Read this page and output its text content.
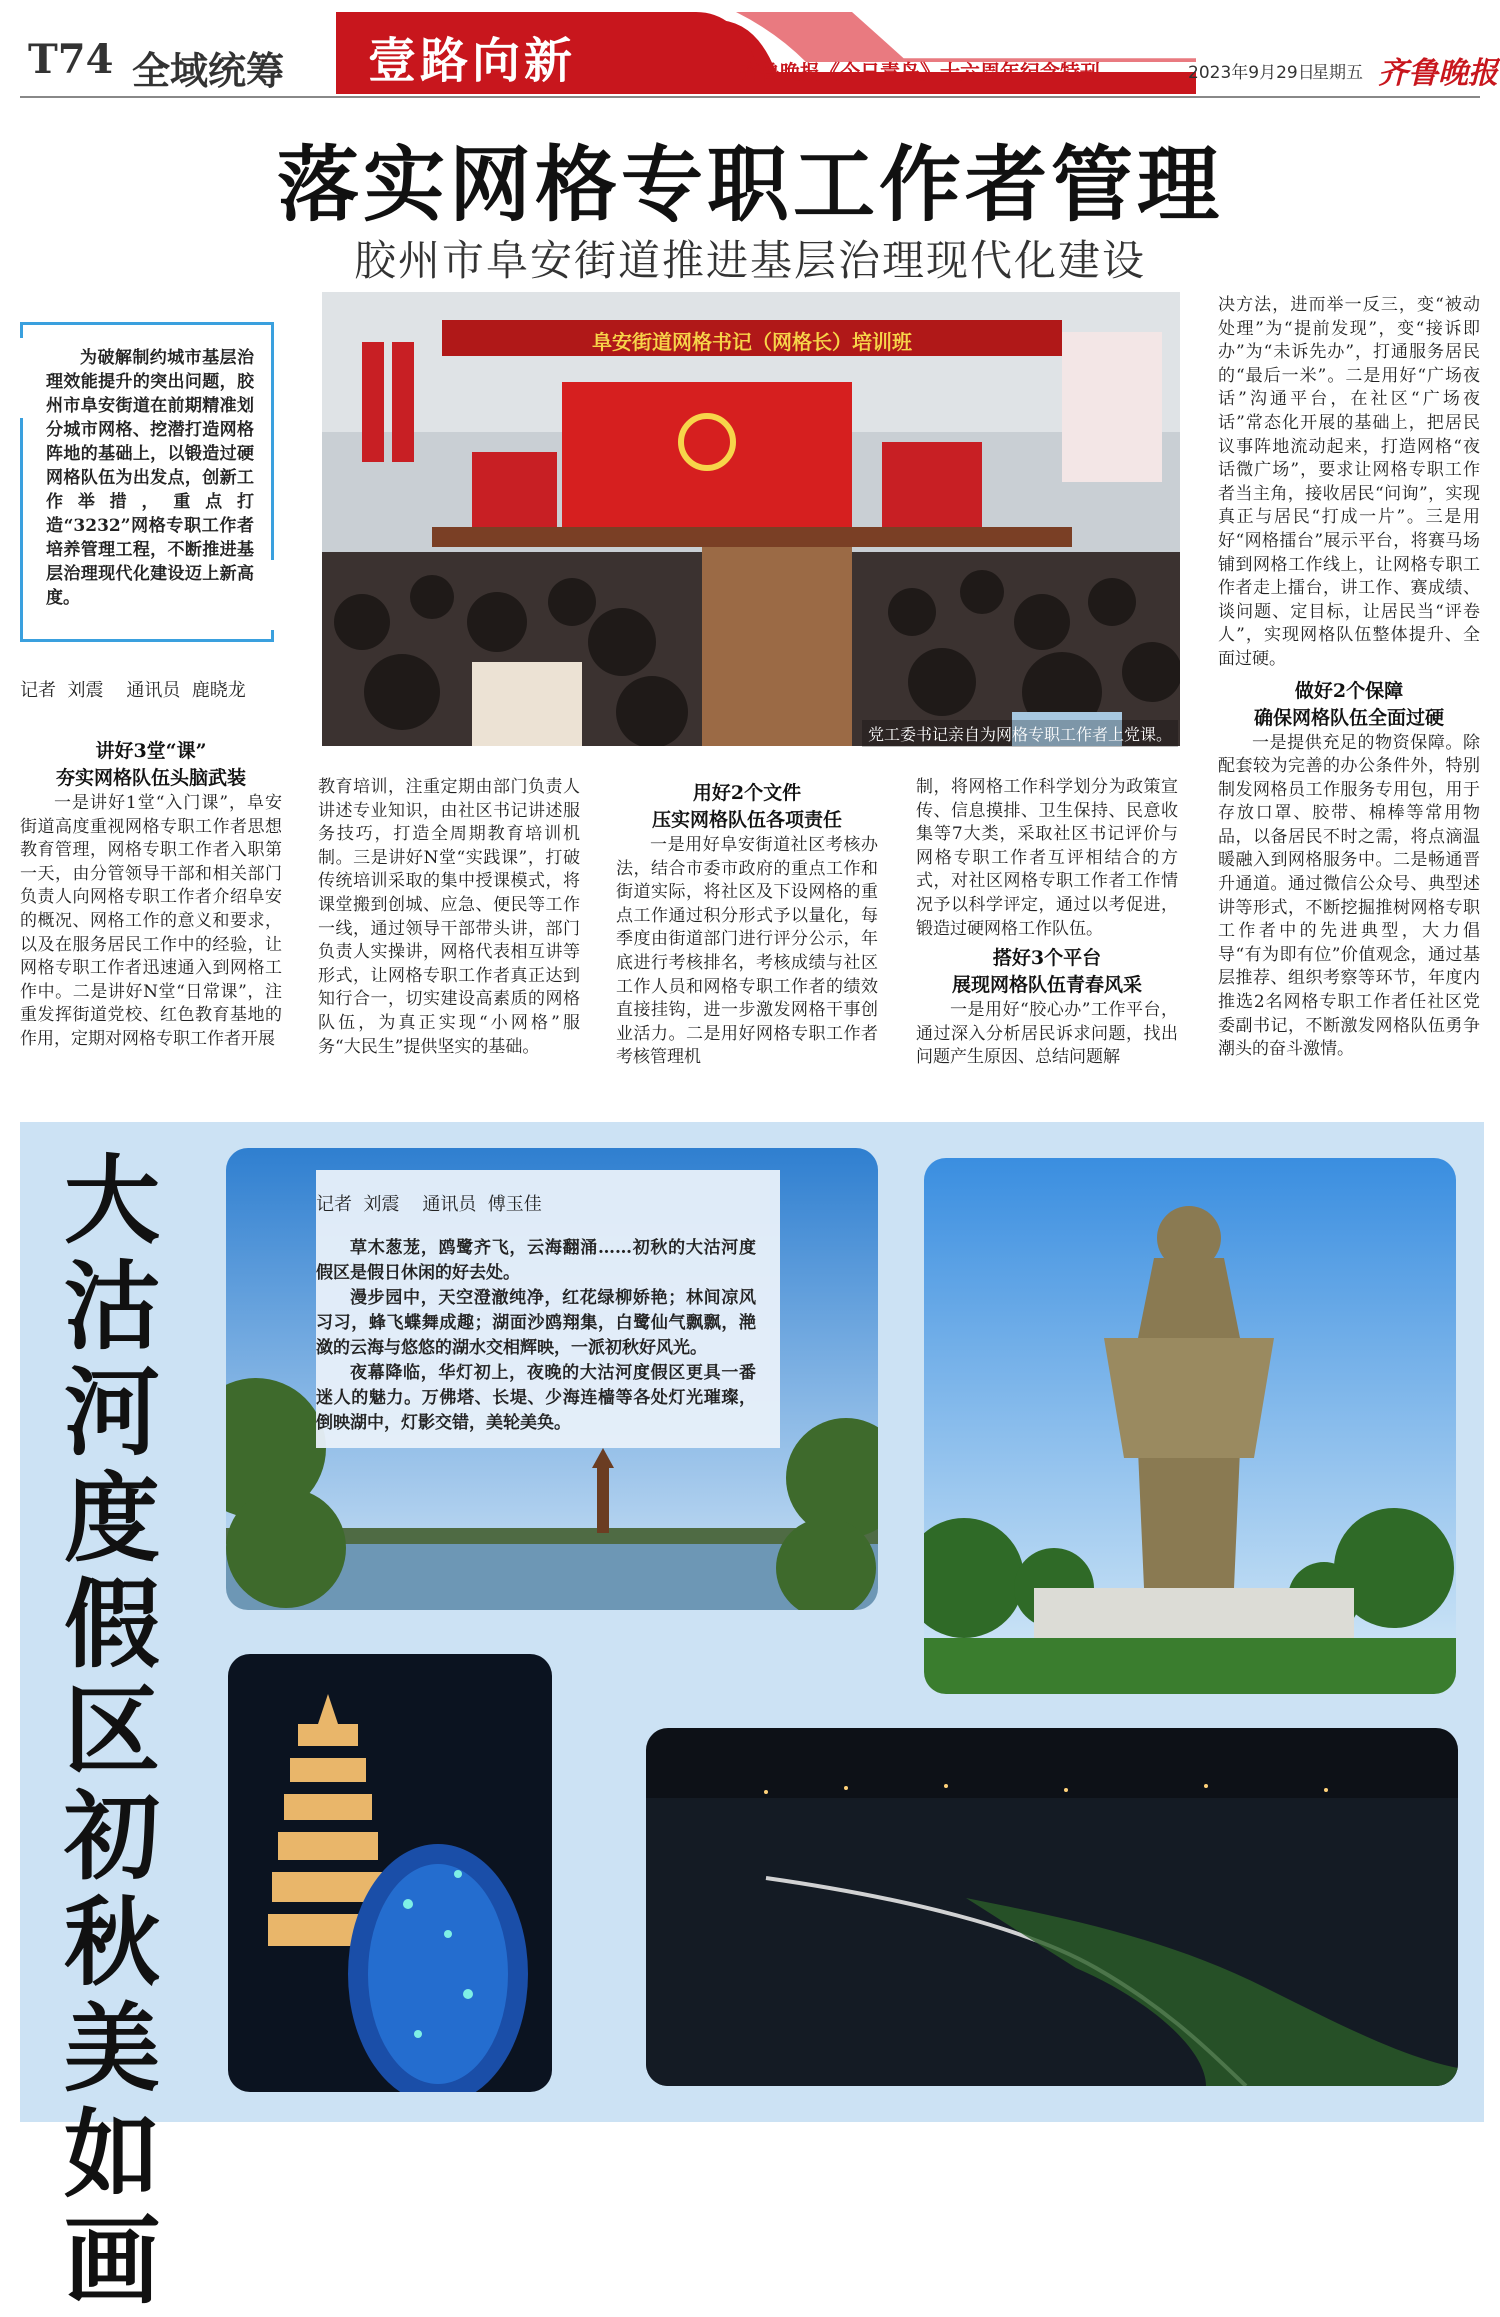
T74 全域统筹 壹路向新	齐鲁晚报《今日青岛》十六周年纪念特刊	2023年9月29日
星期五 齐鲁晚报
落实网格专职工作者管理
胶州市阜安街道推进基层治理现代化建设
为破解制约城市基层治理效能提升的突出问题，胶州市阜安街道在前期精准划分城市网格、挖潜打造网格阵地的基础上，以锻造过硬网格队伍为出发点，创新工作举措，重点打造“3232”网格专职工作者培养管理工程，不断推进基层治理现代化建设迈上新高度。
记者  刘震    通讯员  鹿晓龙
阜安街道网格书记（网格长）培训班
党工委书记亲自为网格专职工作者上党课。
讲好3堂“课”
夯实网格队伍头脑武装

一是讲好1堂“入门课”，阜安街道高度重视网格专职工作者思想教育管理，网格专职工作者入职第一天，由分管领导干部和相关部门负责人向网格专职工作者介绍阜安的概况、网格工作的意义和要求，以及在服务居民工作中的经验，让网格专职工作者迅速通入到网格工作中。二是讲好N堂“日常课”，注重发挥街道党校、红色教育基地的作用，定期对网格专职工作者开展

教育培训，注重定期由部门负责人讲述专业知识，由社区书记讲述服务技巧，打造全周期教育培训机制。三是讲好N堂“实践课”，打破传统培训采取的集中授课模式，将课堂搬到创城、应急、便民等工作一线，通过领导干部带头讲，部门负责人实操讲，网格代表相互讲等形式，让网格专职工作者真正达到知行合一，切实建设高素质的网格队伍，为真正实现“小网格”服务“大民生”提供坚实的基础。

用好2个文件
压实网格队伍各项责任

一是用好阜安街道社区考核办法，结合市委市政府的重点工作和街道实际，将社区及下设网格的重点工作通过积分形式予以量化，每季度由街道部门进行评分公示，年底进行考核排名，考核成绩与社区工作人员和网格专职工作者的绩效直接挂钩，进一步激发网格干事创业活力。二是用好网格专职工作者考核管理机

制，将网格工作科学划分为政策宣传、信息摸排、卫生保持、民意收集等7大类，采取社区书记评价与网格专职工作者互评相结合的方式，对社区网格专职工作者工作情况予以科学评定，通过以考促进，锻造过硬网格工作队伍。

搭好3个平台
展现网格队伍青春风采

一是用好“胶心办”工作平台，通过深入分析居民诉求问题，找出问题产生原因、总结问题解

决方法，进而举一反三，变“被动处理”为“提前发现”，变“接诉即办”为“未诉先办”，打通服务居民的“最后一米”。二是用好“广场夜话”沟通平台，在社区“广场夜话”常态化开展的基础上，把居民议事阵地流动起来，打造网格“夜话微广场”，要求让网格专职工作者当主角，接收居民“问询”，实现真正与居民“打成一片”。三是用好“网格擂台”展示平台，将赛马场铺到网格工作线上，让网格专职工作者走上擂台，讲工作、赛成绩、谈问题、定目标，让居民当“评卷人”，实现网格队伍整体提升、全面过硬。

做好2个保障
确保网格队伍全面过硬

一是提供充足的物资保障。除配套较为完善的办公条件外，特别制发网格员工作服务专用包，用于存放口罩、胶带、棉棒等常用物品，以备居民不时之需，将点滴温暖融入到网格服务中。二是畅通晋升通道。通过微信公众号、典型述讲等形式，不断挖掘推树网格专职工作者中的先进典型，大力倡导“有为即有位”价值观念，通过基层推荐、组织考察等环节，年度内推选2名网格专职工作者任社区党委副书记，不断激发网格队伍勇争潮头的奋斗激情。

大沽河度假区初秋美如画
记者  刘震    通讯员  傅玉佳

草木葱茏，鸥鹭齐飞，云海翻涌……初秋的大沽河度假区是假日休闲的好去处。

漫步园中，天空澄澈纯净，红花绿柳娇艳；林间凉风习习，蜂飞蝶舞成趣；湖面沙鸥翔集，白鹭仙气飘飘，滟潋的云海与悠悠的湖水交相辉映，一派初秋好风光。

夜幕降临，华灯初上，夜晚的大沽河度假区更具一番迷人的魅力。万佛塔、长堤、少海连樯等各处灯光璀璨，倒映湖中，灯影交错，美轮美奂。
